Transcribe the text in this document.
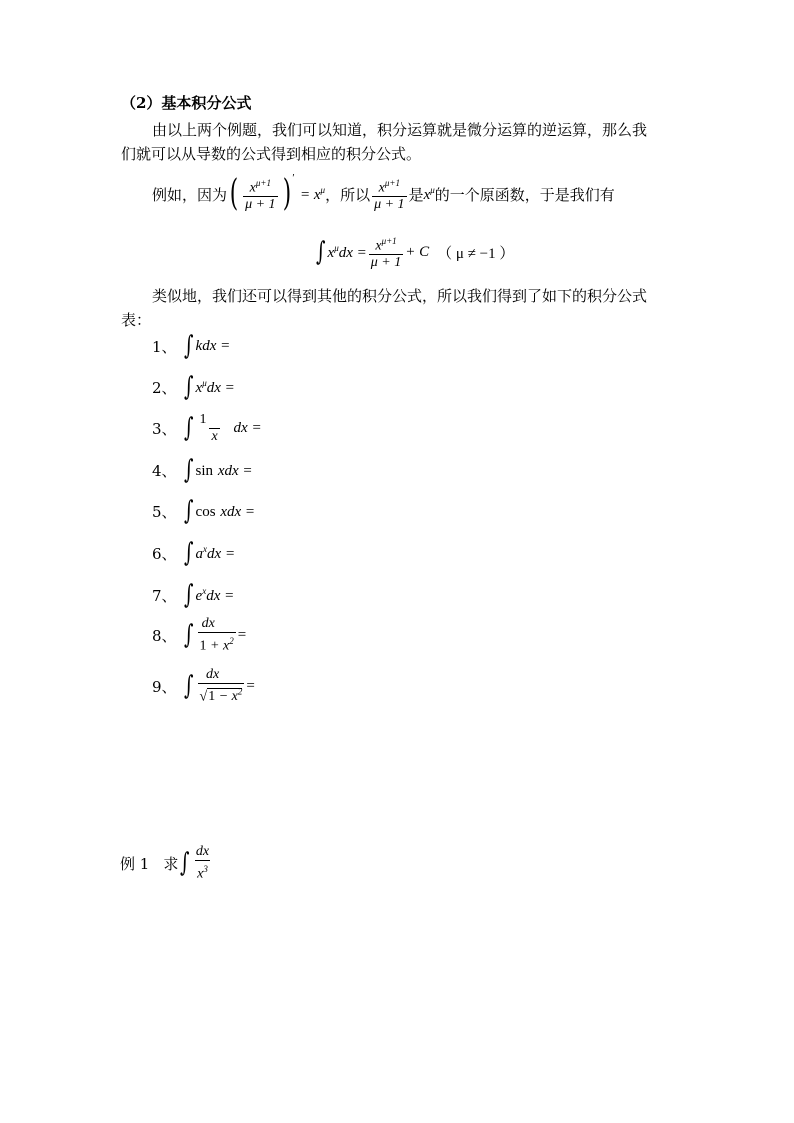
（2）基本积分公式
由以上两个例题，我们可以知道，积分运算就是微分运算的逆运算，那么我
们就可以从导数的公式得到相应的积分公式。
例如，因为 ( $\frac{x^{\mu+1}}{\mu + 1}$ ) ′
= $x^\mu$ ，所以 $\frac{x^{\mu+1}}{\mu + 1}$ 是 $x^\mu$ 的一个原函数，于是我们有
∫ $x^\mu dx = \frac{x^{\mu+1}}{\mu + 1} + C$ （ μ ≠ −1 ）
类似地，我们还可以得到其他的积分公式，所以我们得到了如下的积分公式
表：
1、 ∫ kdx =
2、 ∫ $x^\mu dx$ =
3、 ∫ $\frac{1}{x}$ dx =
4、 ∫ sin xdx =
5、 ∫ cos xdx =
6、 ∫ $a^xdx$ =
7、 ∫ $e^xdx$ =
8、 ∫ $\frac{dx}{1 + x^2}$ =
9、 ∫ $\frac{dx}{√1 - x^2}$ =
例 1 求 ∫ $\frac{dx}{x^3}$
